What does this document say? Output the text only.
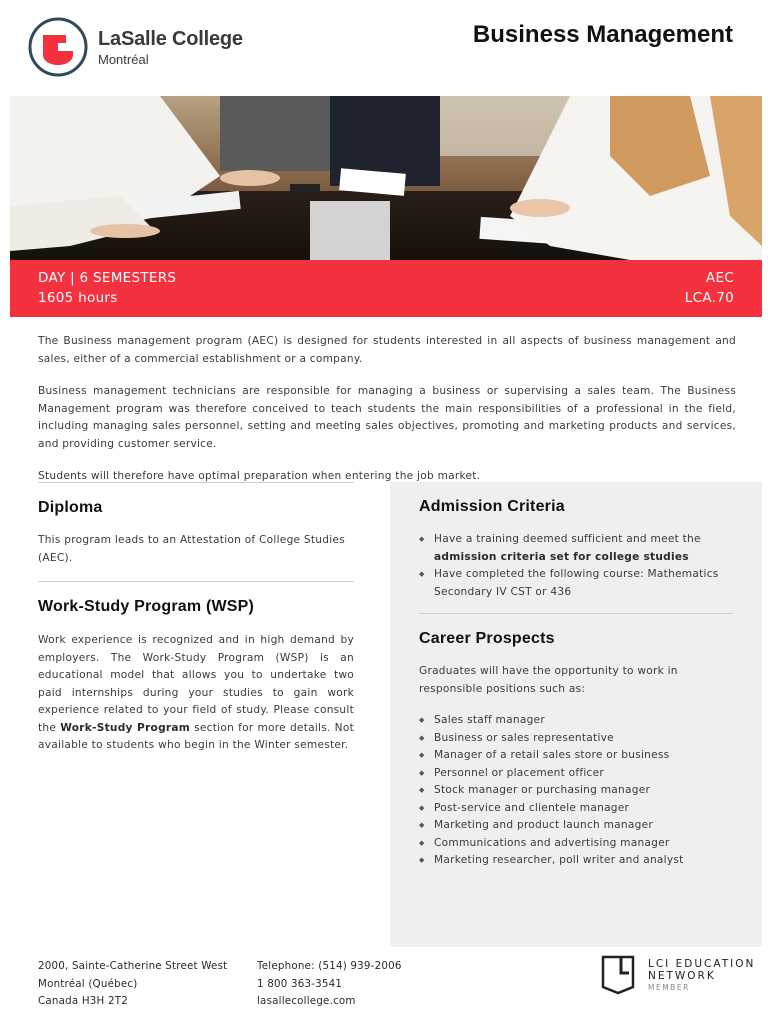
LaSalle College
Montréal
Business Management
DAY | 6 SEMESTERS
1605 hours
AEC
LCA.70

The Business management program (AEC) is designed for students interested in all aspects of business management and sales, either of a commercial establishment or a company.

Business management technicians are responsible for managing a business or supervising a sales team. The Business Management program was therefore conceived to teach students the main responsibilities of a professional in the field, including managing sales personnel, setting and meeting sales objectives, promoting and marketing products and services, and providing customer service.

Students will therefore have optimal preparation when entering the job market.

Diploma

This program leads to an Attestation of College Studies (AEC).

Work-Study Program (WSP)

Work experience is recognized and in high demand by employers. The Work-Study Program (WSP) is an educational model that allows you to undertake two paid internships during your studies to gain work experience related to your field of study. Please consult the Work-Study Program section for more details. Not available to students who begin in the Winter semester.

Admission Criteria
◆ Have a training deemed sufficient and meet the admission criteria set for college studies
◆ Have completed the following course: Mathematics Secondary IV CST or 436
Career Prospects

Graduates will have the opportunity to work in responsible positions such as:

◆ Sales staff manager
◆ Business or sales representative
◆ Manager of a retail sales store or business
◆ Personnel or placement officer
◆ Stock manager or purchasing manager
◆ Post-service and clientele manager
◆ Marketing and product launch manager
◆ Communications and advertising manager
◆ Marketing researcher, poll writer and analyst
2000, Sainte-Catherine Street West
Montréal (Québec)
Canada H3H 2T2
Telephone: (514) 939-2006
1 800 363-3541
lasallecollege.com
LCI EDUCATION
NETWORK
MEMBER
